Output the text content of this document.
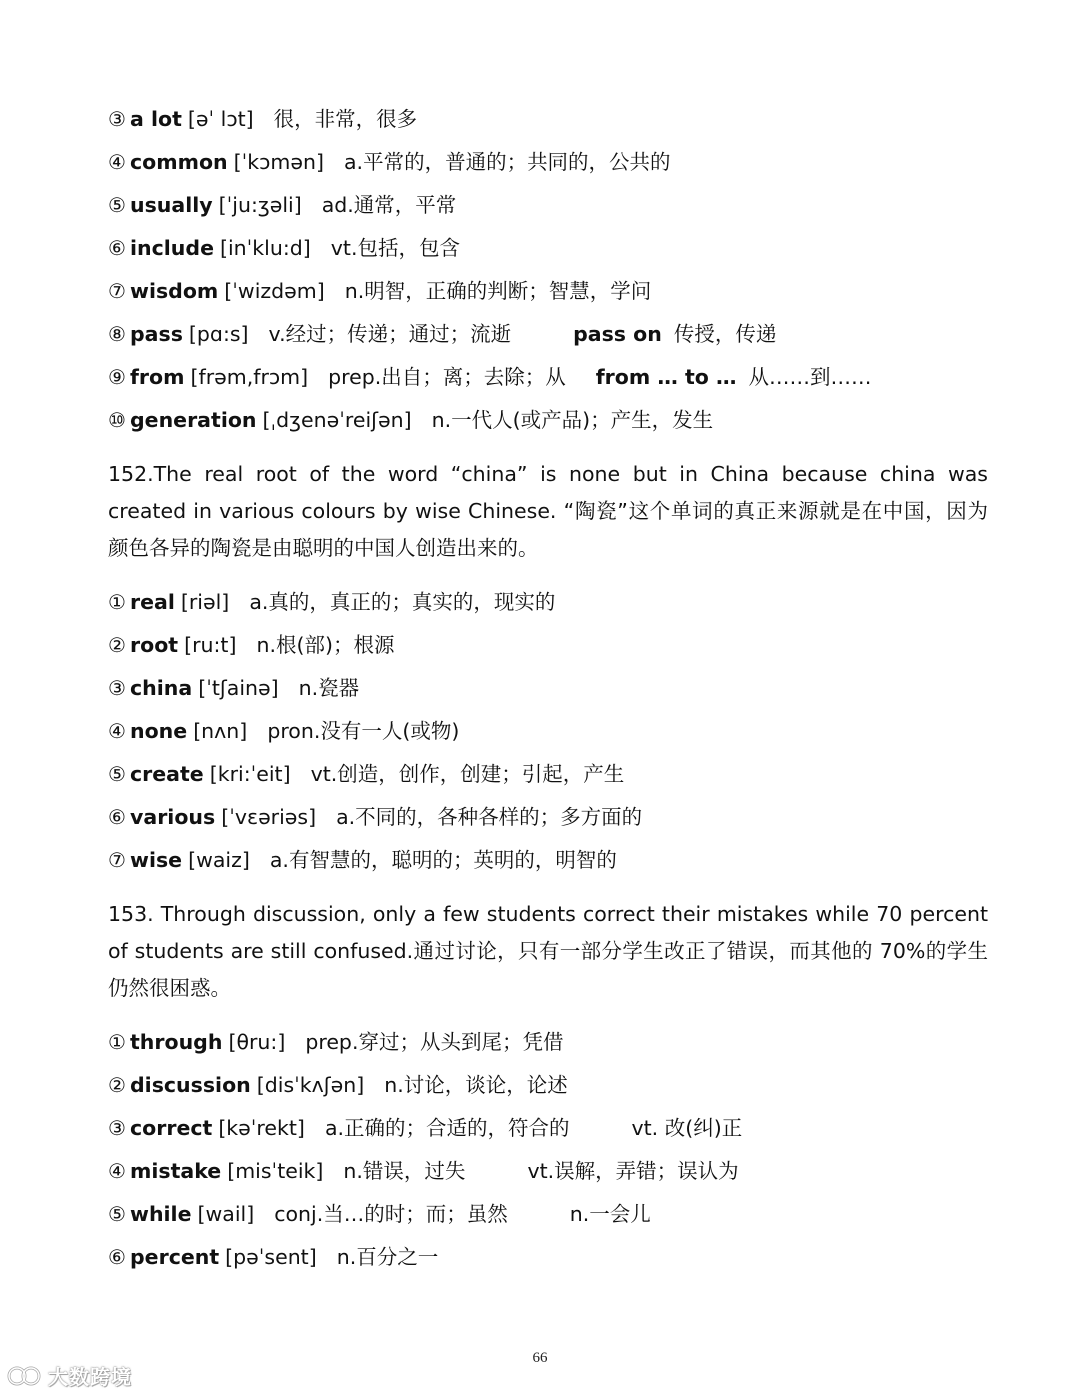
③ a lot [əˈ lɔt] 很，非常，很多
④ common [ˈkɔmən] a.平常的，普通的；共同的，公共的
⑤ usually [ˈju:ʒəli] ad.通常，平常
⑥ include [inˈklu:d] vt.包括，包含
⑦ wisdom [ˈwizdəm] n.明智，正确的判断；智慧，学问
⑧ pass [pɑ:s] v.经过；传递；通过；流逝	pass on 传授，传递
⑨ from [frəm,frɔm] prep.出自；离；去除；从 from … to … 从……到……
⑩ generation [ˌdʒenəˈreiʃən] n.一代人(或产品)；产生，发生

152.The real root of the word “china” is none but in China because china was created in various colours by wise Chinese. “陶瓷”这个单词的真正来源就是在中国，因为颜色各异的陶瓷是由聪明的中国人创造出来的。

① real [riəl] a.真的，真正的；真实的，现实的
② root [ru:t] n.根(部)；根源
③ china [ˈtʃainə] n.瓷器
④ none [nʌn] pron.没有一人(或物)
⑤ create [kri:ˈeit] vt.创造，创作，创建；引起，产生
⑥ various [ˈvɛəriəs] a.不同的，各种各样的；多方面的
⑦ wise [waiz] a.有智慧的，聪明的；英明的，明智的

153. Through discussion, only a few students correct their mistakes while 70 percent of students are still confused.通过讨论，只有一部分学生改正了错误，而其他的 70%的学生仍然很困惑。

① through [θru:] prep.穿过；从头到尾；凭借
② discussion [disˈkʌʃən] n.讨论，谈论，论述
③ correct [kəˈrekt] a.正确的；合适的，符合的	vt. 改(纠)正
④ mistake [misˈteik] n.错误，过失	vt.误解，弄错；误认为
⑤ while [wail] conj.当…的时；而；虽然	n.一会儿
⑥ percent [pəˈsent] n.百分之一
66
大数跨境
